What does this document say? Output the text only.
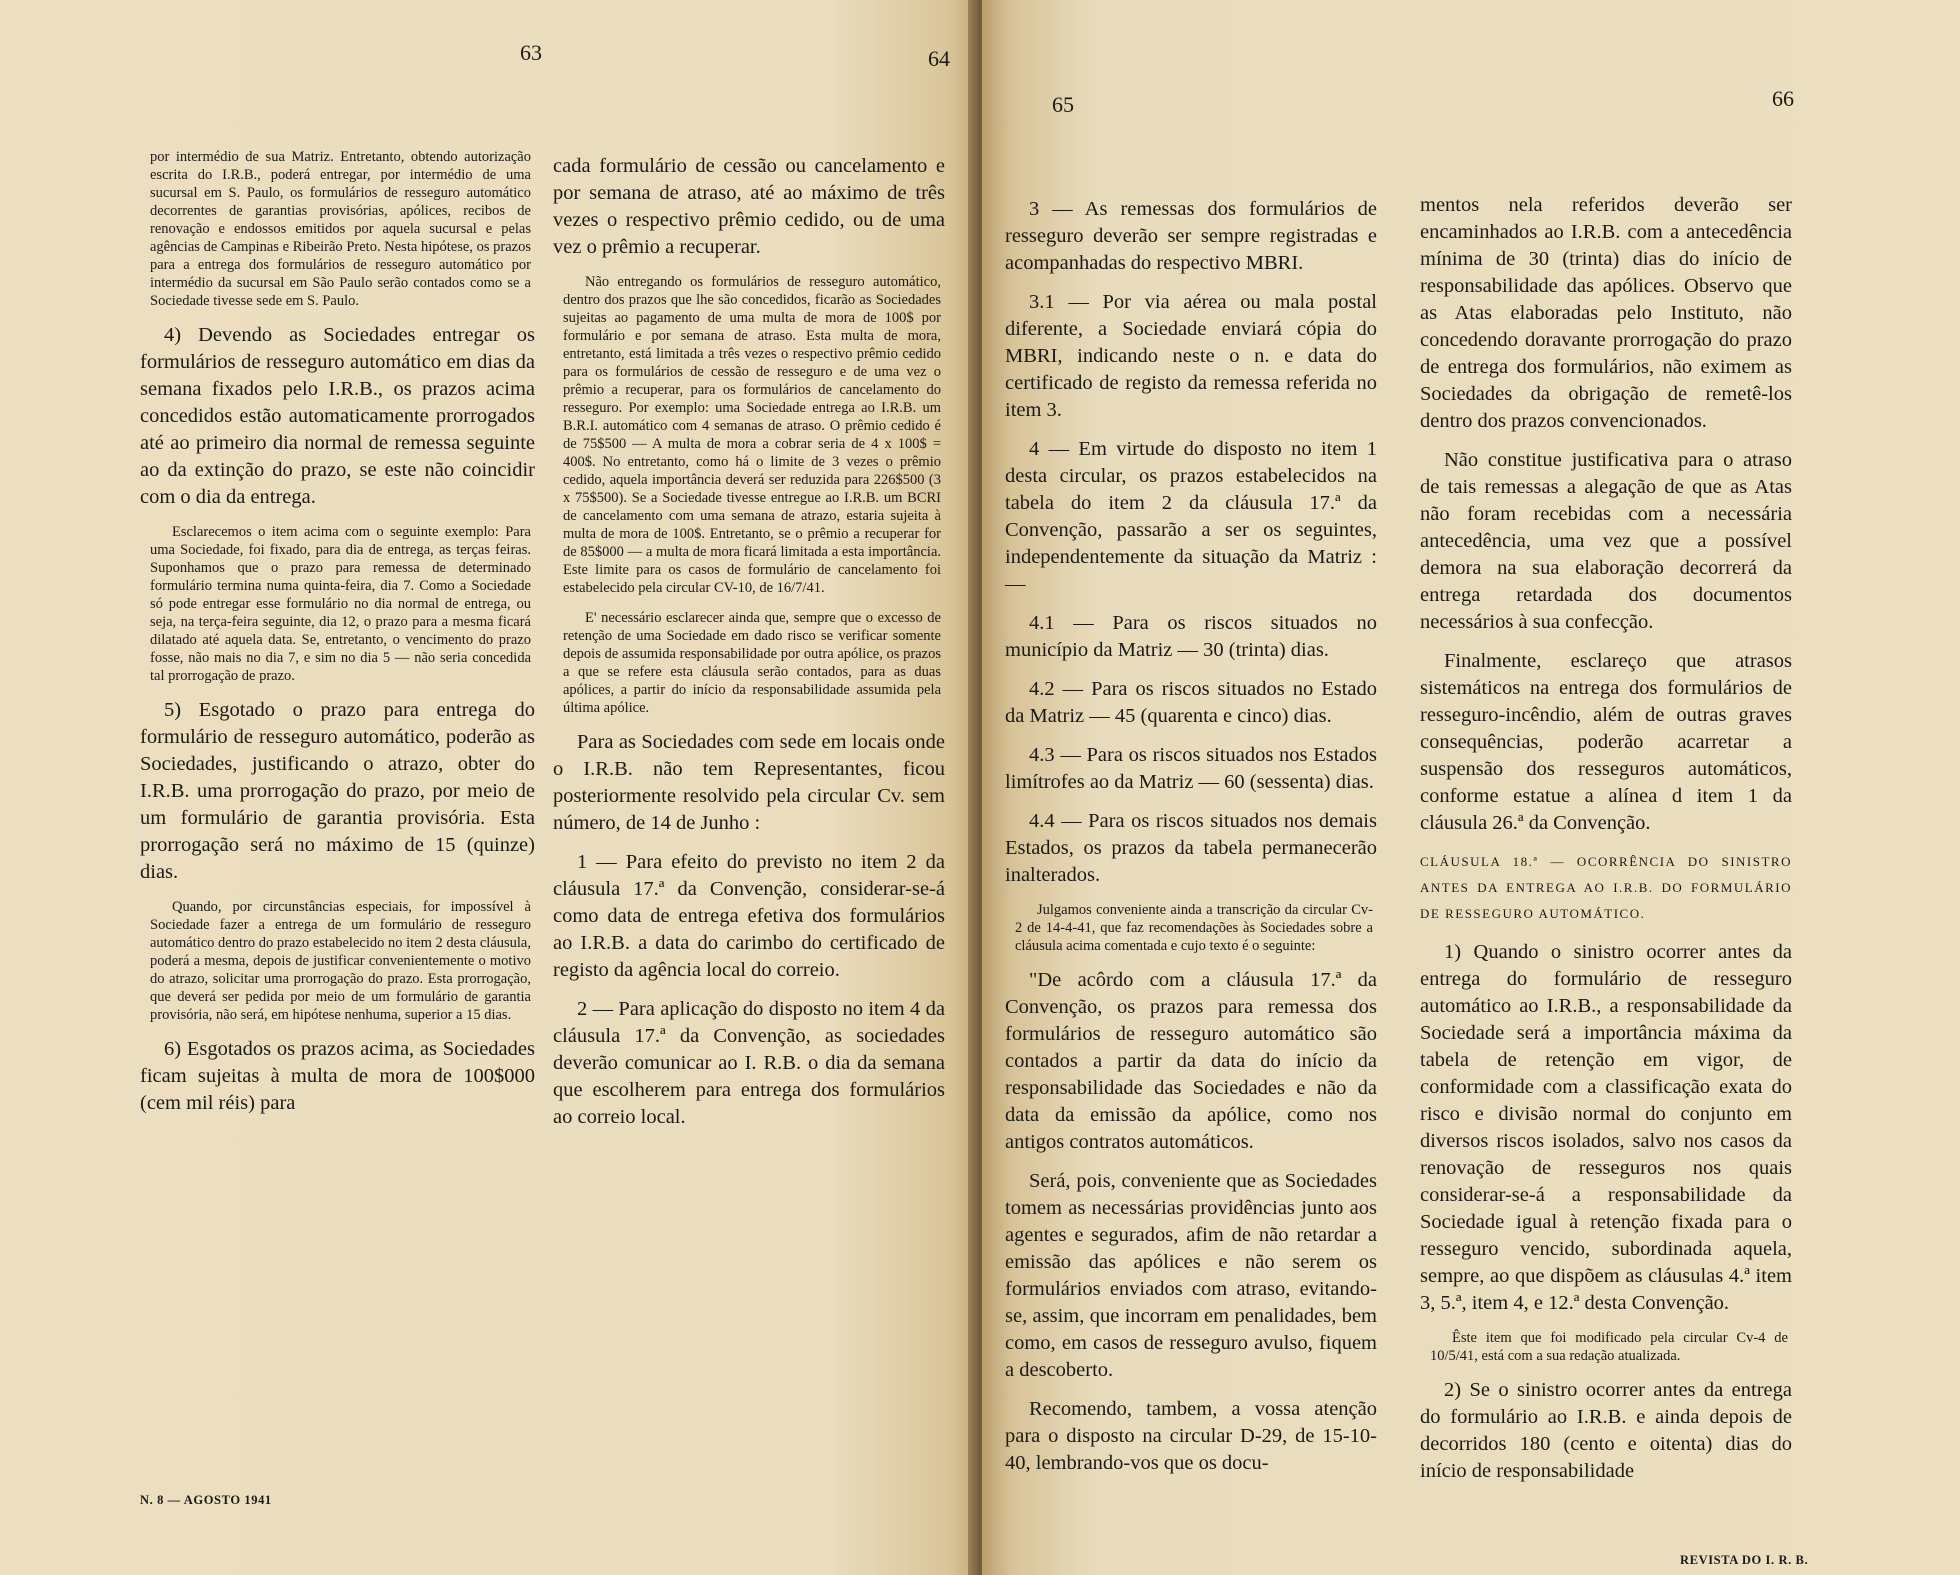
63	64

por intermédio de sua Matriz. Entretanto, obtendo autorização escrita do I.R.B., poderá entregar, por intermédio de uma sucursal em S. Paulo, os formulários de resseguro automático decorrentes de garantias provisórias, apólices, recibos de renovação e endossos emitidos por aquela sucursal e pelas agências de Campinas e Ribeirão Preto. Nesta hipótese, os prazos para a entrega dos formulários de resseguro automático por intermédio da sucursal em São Paulo serão contados como se a Sociedade tivesse sede em S. Paulo.

4) Devendo as Sociedades entregar os formulários de resseguro automático em dias da semana fixados pelo I.R.B., os prazos acima concedidos estão automaticamente prorrogados até ao primeiro dia normal de remessa seguinte ao da extinção do prazo, se este não coincidir com o dia da entrega.

Esclarecemos o item acima com o seguinte exemplo: Para uma Sociedade, foi fixado, para dia de entrega, as terças feiras. Suponhamos que o prazo para remessa de determinado formulário termina numa quinta-feira, dia 7. Como a Sociedade só pode entregar esse formulário no dia normal de entrega, ou seja, na terça-feira seguinte, dia 12, o prazo para a mesma ficará dilatado até aquela data. Se, entretanto, o vencimento do prazo fosse, não mais no dia 7, e sim no dia 5 — não seria concedida tal prorrogação de prazo.

5) Esgotado o prazo para entrega do formulário de resseguro automático, poderão as Sociedades, justificando o atrazo, obter do I.R.B. uma prorrogação do prazo, por meio de um formulário de garantia provisória. Esta prorrogação será no máximo de 15 (quinze) dias.

Quando, por circunstâncias especiais, for impossível à Sociedade fazer a entrega de um formulário de resseguro automático dentro do prazo estabelecido no item 2 desta cláusula, poderá a mesma, depois de justificar convenientemente o motivo do atrazo, solicitar uma prorrogação do prazo. Esta prorrogação, que deverá ser pedida por meio de um formulário de garantia provisória, não será, em hipótese nenhuma, superior a 15 dias.

6) Esgotados os prazos acima, as Sociedades ficam sujeitas à multa de mora de 100$000 (cem mil réis) para

cada formulário de cessão ou cancelamento e por semana de atraso, até ao máximo de três vezes o respectivo prêmio cedido, ou de uma vez o prêmio a recuperar.

Não entregando os formulários de resseguro automático, dentro dos prazos que lhe são concedidos, ficarão as Sociedades sujeitas ao pagamento de uma multa de mora de 100$ por formulário e por semana de atraso. Esta multa de mora, entretanto, está limitada a três vezes o respectivo prêmio cedido para os formulários de cessão de resseguro e de uma vez o prêmio a recuperar, para os formulários de cancelamento do resseguro. Por exemplo: uma Sociedade entrega ao I.R.B. um B.R.I. automático com 4 semanas de atraso. O prêmio cedido é de 75$500 — A multa de mora a cobrar seria de 4 x 100$ = 400$. No entretanto, como há o limite de 3 vezes o prêmio cedido, aquela importância deverá ser reduzida para 226$500 (3 x 75$500). Se a Sociedade tivesse entregue ao I.R.B. um BCRI de cancelamento com uma semana de atrazo, estaria sujeita à multa de mora de 100$. Entretanto, se o prêmio a recuperar for de 85$000 — a multa de mora ficará limitada a esta importância. Este limite para os casos de formulário de cancelamento foi estabelecido pela circular CV-10, de 16/7/41.

E' necessário esclarecer ainda que, sempre que o excesso de retenção de uma Sociedade em dado risco se verificar somente depois de assumida responsabilidade por outra apólice, os prazos a que se refere esta cláusula serão contados, para as duas apólices, a partir do início da responsabilidade assumida pela última apólice.

Para as Sociedades com sede em locais onde o I.R.B. não tem Representantes, ficou posteriormente resolvido pela circular Cv. sem número, de 14 de Junho :

1 — Para efeito do previsto no item 2 da cláusula 17.ª da Convenção, considerar-se-á como data de entrega efetiva dos formulários ao I.R.B. a data do carimbo do certificado de registo da agência local do correio.

2 — Para aplicação do disposto no item 4 da cláusula 17.ª da Convenção, as sociedades deverão comunicar ao I. R.B. o dia da semana que escolherem para entrega dos formulários ao correio local.

N. 8 — AGOSTO 1941
65	66

3 — As remessas dos formulários de resseguro deverão ser sempre registradas e acompanhadas do respectivo MBRI.

3.1 — Por via aérea ou mala postal diferente, a Sociedade enviará cópia do MBRI, indicando neste o n. e data do certificado de registo da remessa referida no item 3.

4 — Em virtude do disposto no item 1 desta circular, os prazos estabelecidos na tabela do item 2 da cláusula 17.ª da Convenção, passarão a ser os seguintes, independentemente da situação da Matriz : —

4.1 — Para os riscos situados no município da Matriz — 30 (trinta) dias.

4.2 — Para os riscos situados no Estado da Matriz — 45 (quarenta e cinco) dias.

4.3 — Para os riscos situados nos Estados limítrofes ao da Matriz — 60 (sessenta) dias.

4.4 — Para os riscos situados nos demais Estados, os prazos da tabela permanecerão inalterados.

Julgamos conveniente ainda a transcrição da circular Cv-2 de 14-4-41, que faz recomendações às Sociedades sobre a cláusula acima comentada e cujo texto é o seguinte:

"De acôrdo com a cláusula 17.ª da Convenção, os prazos para remessa dos formulários de resseguro automático são contados a partir da data do início da responsabilidade das Sociedades e não da data da emissão da apólice, como nos antigos contratos automáticos.

Será, pois, conveniente que as Sociedades tomem as necessárias providências junto aos agentes e segurados, afim de não retardar a emissão das apólices e não serem os formulários enviados com atraso, evitando-se, assim, que incorram em penalidades, bem como, em casos de resseguro avulso, fiquem a descoberto.

Recomendo, tambem, a vossa atenção para o disposto na circular D-29, de 15-10-40, lembrando-vos que os docu-

mentos nela referidos deverão ser encaminhados ao I.R.B. com a antecedência mínima de 30 (trinta) dias do início de responsabilidade das apólices. Observo que as Atas elaboradas pelo Instituto, não concedendo doravante prorrogação do prazo de entrega dos formulários, não eximem as Sociedades da obrigação de remetê-los dentro dos prazos convencionados.

Não constitue justificativa para o atraso de tais remessas a alegação de que as Atas não foram recebidas com a necessária antecedência, uma vez que a possível demora na sua elaboração decorrerá da entrega retardada dos documentos necessários à sua confecção.

Finalmente, esclareço que atrasos sistemáticos na entrega dos formulários de resseguro-incêndio, além de outras graves consequências, poderão acarretar a suspensão dos resseguros automáticos, conforme estatue a alínea d item 1 da cláusula 26.ª da Convenção.

CLÁUSULA 18.ª — OCORRÊNCIA DO SINISTRO ANTES DA ENTREGA AO I.R.B. DO FORMULÁRIO DE RESSEGURO AUTOMÁTICO.

1) Quando o sinistro ocorrer antes da entrega do formulário de resseguro automático ao I.R.B., a responsabilidade da Sociedade será a importância máxima da tabela de retenção em vigor, de conformidade com a classificação exata do risco e divisão normal do conjunto em diversos riscos isolados, salvo nos casos da renovação de resseguros nos quais considerar-se-á a responsabilidade da Sociedade igual à retenção fixada para o resseguro vencido, subordinada aquela, sempre, ao que dispõem as cláusulas 4.ª item 3, 5.ª, item 4, e 12.ª desta Convenção.

Êste item que foi modificado pela circular Cv-4 de 10/5/41, está com a sua redação atualizada.

2) Se o sinistro ocorrer antes da entrega do formulário ao I.R.B. e ainda depois de decorridos 180 (cento e oitenta) dias do início de responsabilidade

REVISTA DO I. R. B.
